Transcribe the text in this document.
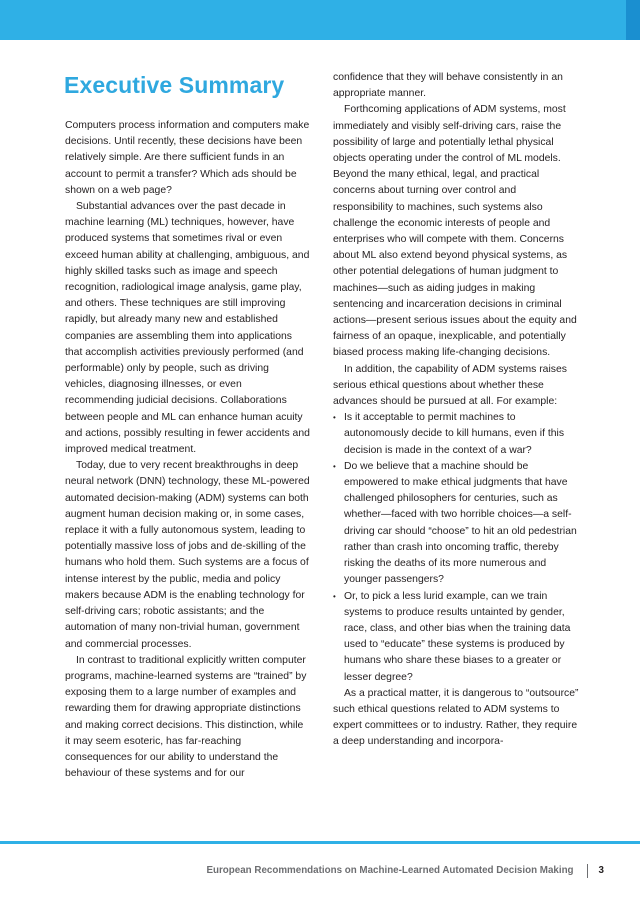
Executive Summary

Computers process information and computers make decisions. Until recently, these decisions have been relatively simple. Are there sufficient funds in an account to permit a transfer? Which ads should be shown on a web page?

Substantial advances over the past decade in machine learning (ML) techniques, however, have produced systems that sometimes rival or even exceed human ability at challenging, ambiguous, and highly skilled tasks such as image and speech recognition, radiological image analysis, game play, and others. These techniques are still improving rapidly, but already many new and established companies are assembling them into applications that accomplish activities previously performed (and performable) only by people, such as driving vehicles, diagnosing illnesses, or even recommending judicial decisions. Collaborations between people and ML can enhance human acuity and actions, possibly resulting in fewer accidents and improved medical treatment.

Today, due to very recent breakthroughs in deep neural network (DNN) technology, these ML-powered automated decision-making (ADM) systems can both augment human decision making or, in some cases, replace it with a fully autonomous system, leading to potentially massive loss of jobs and de-skilling of the humans who hold them. Such systems are a focus of intense interest by the public, media and policy makers because ADM is the enabling technology for self-driving cars; robotic assistants; and the automation of many non-trivial human, government and commercial processes.

In contrast to traditional explicitly written computer programs, machine-learned systems are “trained” by exposing them to a large number of examples and rewarding them for drawing appropriate distinctions and making correct decisions. This distinction, while it may seem esoteric, has far-reaching consequences for our ability to understand the behaviour of these systems and for our

confidence that they will behave consistently in an appropriate manner.

Forthcoming applications of ADM systems, most immediately and visibly self-driving cars, raise the possibility of large and potentially lethal physical objects operating under the control of ML models. Beyond the many ethical, legal, and practical concerns about turning over control and responsibility to machines, such systems also challenge the economic interests of people and enterprises who will compete with them. Concerns about ML also extend beyond physical systems, as other potential delegations of human judgment to machines—such as aiding judges in making sentencing and incarceration decisions in criminal actions—present serious issues about the equity and fairness of an opaque, inexplicable, and potentially biased process making life-changing decisions.

In addition, the capability of ADM systems raises serious ethical questions about whether these advances should be pursued at all. For example:

• Is it acceptable to permit machines to autonomously decide to kill humans, even if this decision is made in the context of a war?
• Do we believe that a machine should be empowered to make ethical judgments that have challenged philosophers for centuries, such as whether—faced with two horrible choices—a self-driving car should “choose” to hit an old pedestrian rather than crash into oncoming traffic, thereby risking the deaths of its more numerous and younger passengers?
• Or, to pick a less lurid example, can we train systems to produce results untainted by gender, race, class, and other bias when the training data used to “educate” these systems is produced by humans who share these biases to a greater or lesser degree?

As a practical matter, it is dangerous to “outsource” such ethical questions related to ADM systems to expert committees or to industry. Rather, they require a deep understanding and incorpora-

European Recommendations on Machine-Learned Automated Decision Making	3
